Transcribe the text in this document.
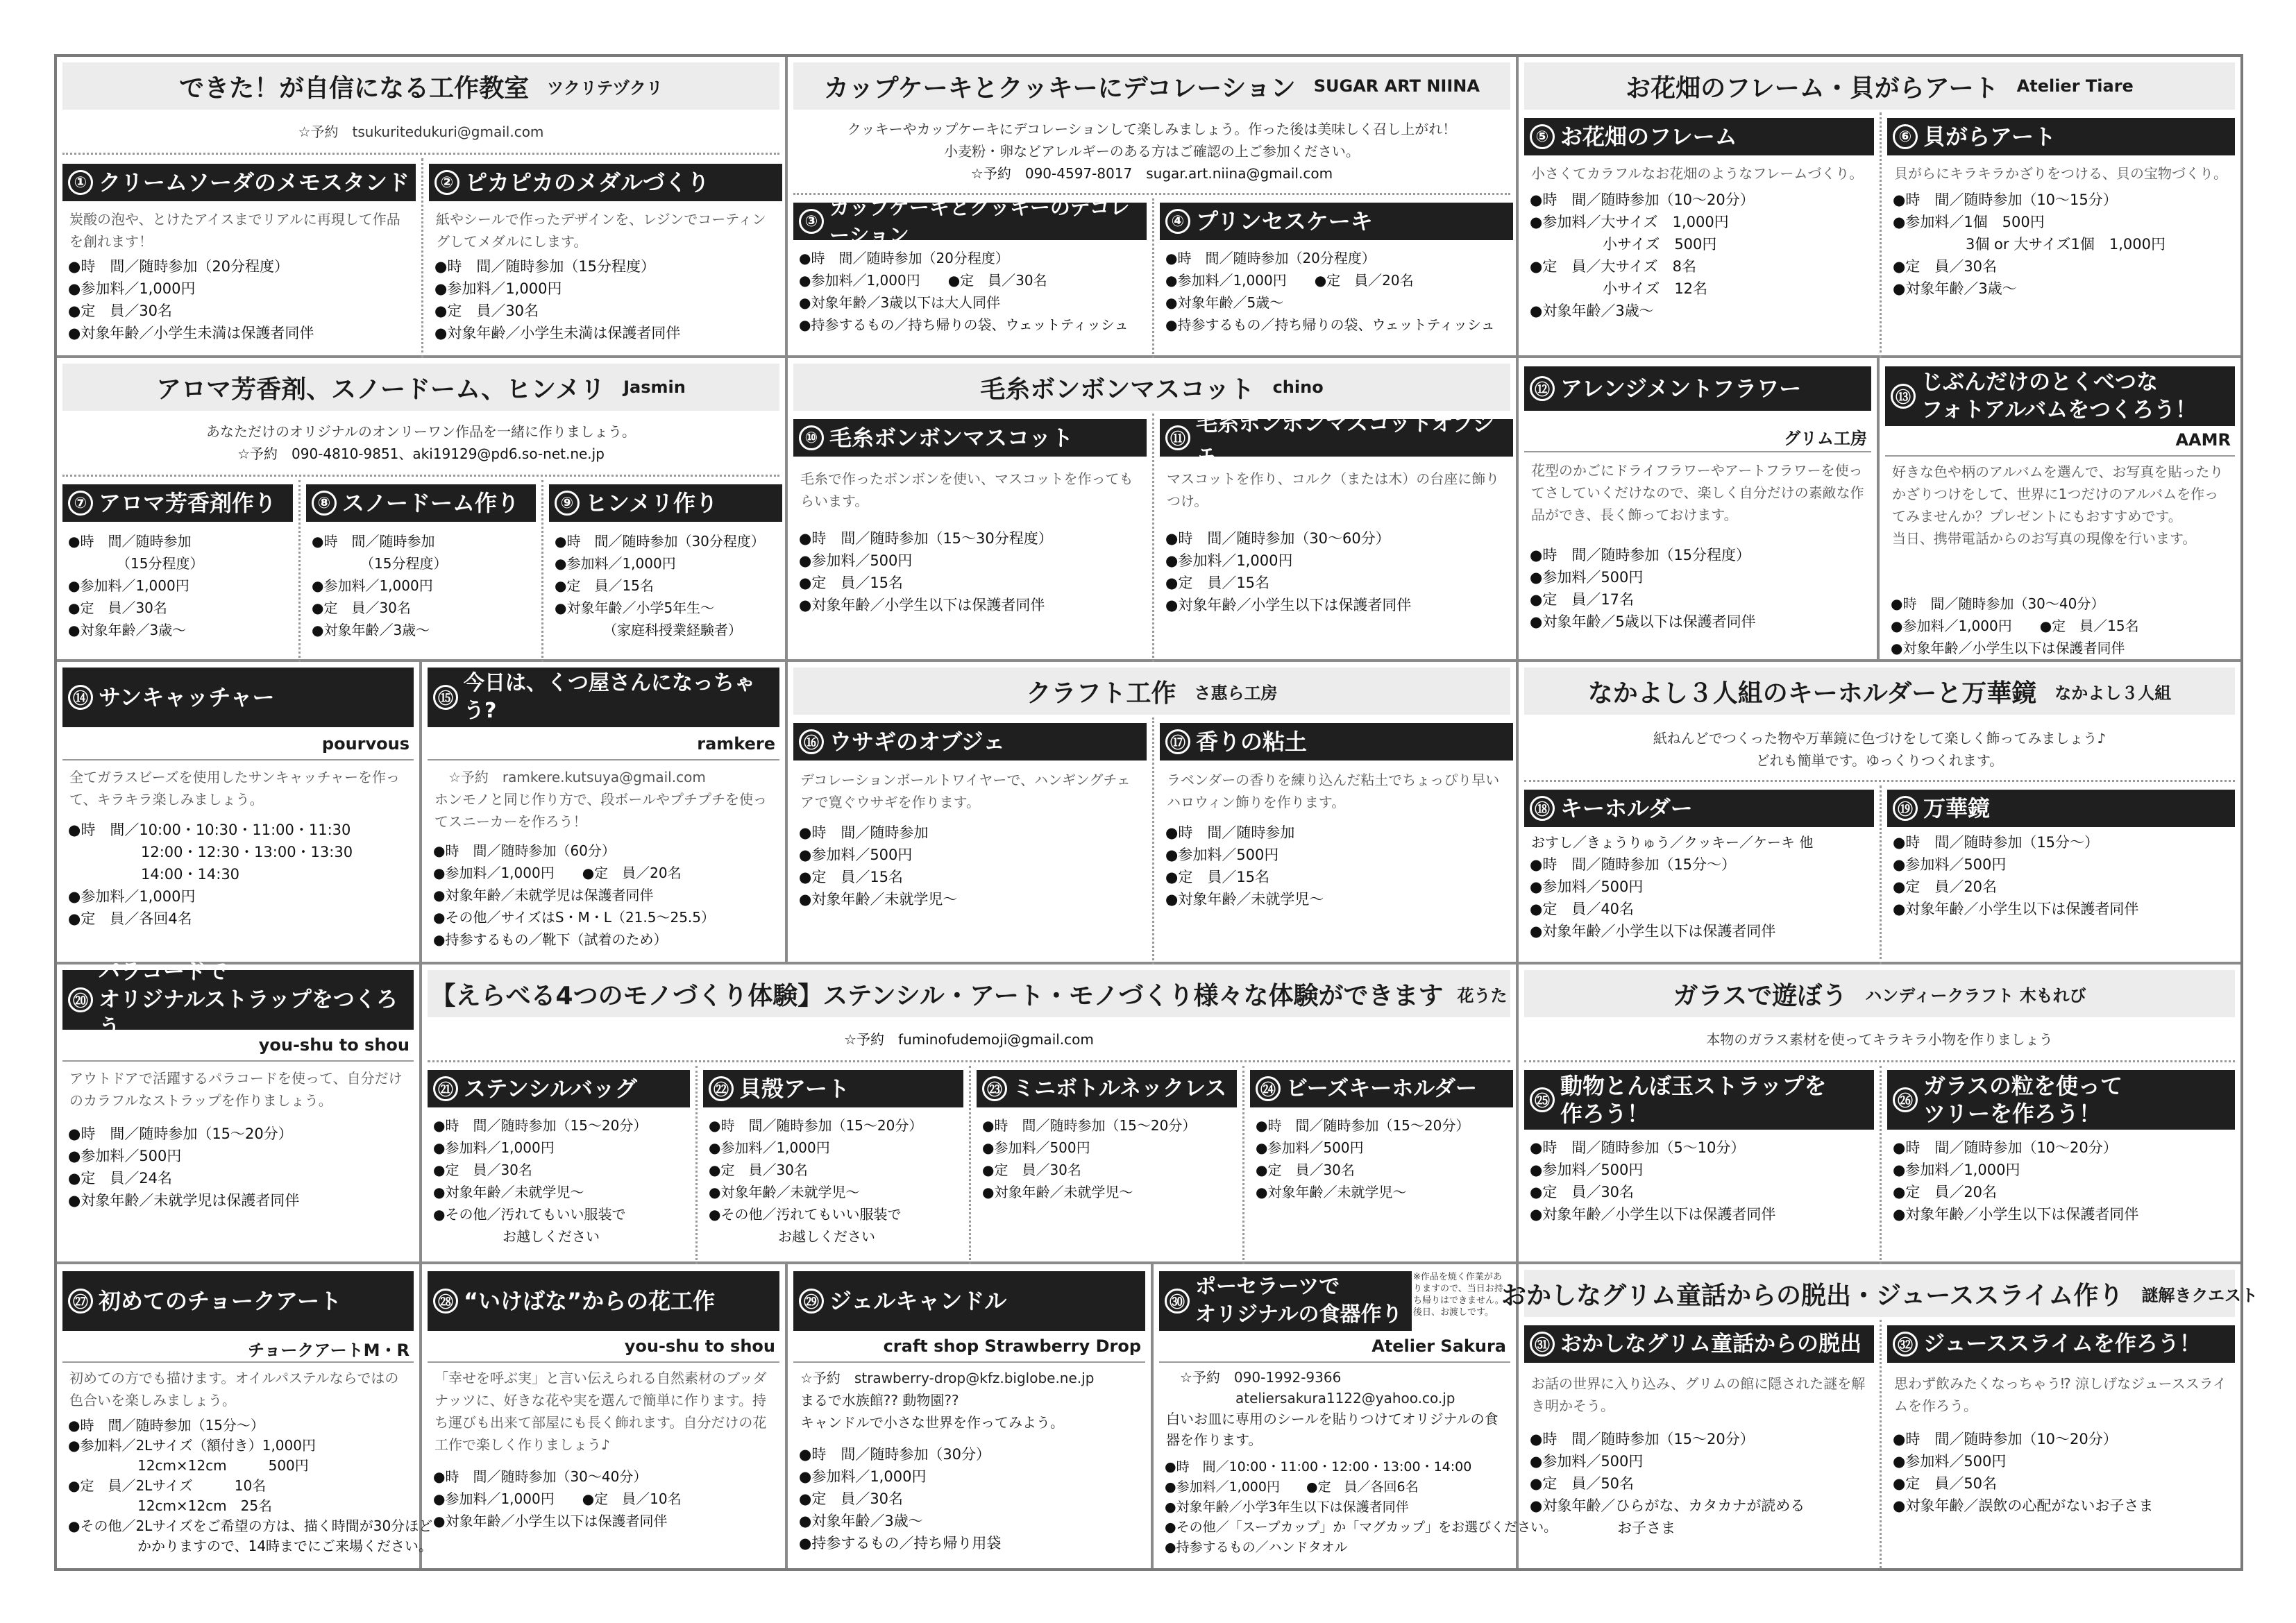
できた！が自信になる工作教室 ツクリテヅクリ
☆予約　tsukuritedukuri@gmail.com
① クリームソーダのメモスタンド
炭酸の泡や、とけたアイスまでリアルに再現して作品を創れます！
●時　間／随時参加（20分程度）
●参加料／1,000円
●定　員／30名
●対象年齢／小学生未満は保護者同伴
② ピカピカのメダルづくり
紙やシールで作ったデザインを、レジンでコーティングしてメダルにします。
●時　間／随時参加（15分程度）
●参加料／1,000円
●定　員／30名
●対象年齢／小学生未満は保護者同伴
カップケーキとクッキーにデコレーション SUGAR ART NIINA
クッキーやカップケーキにデコレーションして楽しみましょう。作った後は美味しく召し上がれ！
小麦粉・卵などアレルギーのある方はご確認の上ご参加ください。
☆予約　090-4597-8017　sugar.art.niina@gmail.com
③
カップケーキとクッキーのデコレーション
●時　間／随時参加（20分程度）
●参加料／1,000円　　●定　員／30名
●対象年齢／3歳以下は大人同伴
●持参するもの／持ち帰りの袋、ウェットティッシュ
④ プリンセスケーキ
●時　間／随時参加（20分程度）
●参加料／1,000円　　●定　員／20名
●対象年齢／5歳〜
●持参するもの／持ち帰りの袋、ウェットティッシュ
お花畑のフレーム・貝がらアート Atelier Tiare
⑤ お花畑のフレーム
小さくてカラフルなお花畑のようなフレームづくり。
●時　間／随時参加（10〜20分）
●参加料／大サイズ　1,000円
　　　　　小サイズ　500円
●定　員／大サイズ　8名
　　　　　小サイズ　12名
●対象年齢／3歳〜
⑥ 貝がらアート
貝がらにキラキラかざりをつける、貝の宝物づくり。
●時　間／随時参加（10〜15分）
●参加料／1個　500円
　　　　　3個 or 大サイズ1個　1,000円
●定　員／30名
●対象年齢／3歳〜
アロマ芳香剤、スノードーム、ヒンメリ Jasmin
あなただけのオリジナルのオンリーワン作品を一緒に作りましょう。
☆予約　090-4810-9851、aki19129@pd6.so-net.ne.jp
⑦ アロマ芳香剤作り
●時　間／随時参加
　　　　（15分程度）
●参加料／1,000円
●定　員／30名
●対象年齢／3歳〜
⑧ スノードーム作り
●時　間／随時参加
　　　　（15分程度）
●参加料／1,000円
●定　員／30名
●対象年齢／3歳〜
⑨ ヒンメリ作り
●時　間／随時参加（30分程度）
●参加料／1,000円
●定　員／15名
●対象年齢／小学5年生〜
　　　　（家庭科授業経験者）
毛糸ボンボンマスコット chino
⑩ 毛糸ボンボンマスコット
毛糸で作ったボンボンを使い、マスコットを作ってもらいます。
●時　間／随時参加（15〜30分程度）
●参加料／500円
●定　員／15名
●対象年齢／小学生以下は保護者同伴
⑪
毛糸ボンボンマスコットオブジェ
マスコットを作り、コルク（または木）の台座に飾りつけ。
●時　間／随時参加（30〜60分）
●参加料／1,000円
●定　員／15名
●対象年齢／小学生以下は保護者同伴
⑫ アレンジメントフラワー
グリム工房
花型のかごにドライフラワーやアートフラワーを使ってさしていくだけなので、楽しく自分だけの素敵な作品ができ、長く飾っておけます。
●時　間／随時参加（15分程度）
●参加料／500円
●定　員／17名
●対象年齢／5歳以下は保護者同伴
⑬
じぶんだけのとくべつな
フォトアルバムをつくろう！
AAMR
好きな色や柄のアルバムを選んで、お写真を貼ったりかざりつけをして、世界に1つだけのアルバムを作ってみませんか？プレゼントにもおすすめです。
当日、携帯電話からのお写真の現像を行います。
●時　間／随時参加（30〜40分）
●参加料／1,000円　　●定　員／15名
●対象年齢／小学生以下は保護者同伴
⑭ サンキャッチャー
pourvous
全てガラスビーズを使用したサンキャッチャーを作って、キラキラ楽しみましょう。
●時　間／10:00・10:30・11:00・11:30
　　　　　12:00・12:30・13:00・13:30
　　　　　14:00・14:30
●参加料／1,000円
●定　員／各回4名
⑮
今日は、くつ屋さんになっちゃう?
ramkere
　☆予約　ramkere.kutsuya@gmail.com
ホンモノと同じ作り方で、段ボールやプチプチを使ってスニーカーを作ろう！
●時　間／随時参加（60分）
●参加料／1,000円　　●定　員／20名
●対象年齢／未就学児は保護者同伴
●その他／サイズはS・M・L（21.5〜25.5）
●持参するもの／靴下（試着のため）
クラフト工作 さ惠ら工房
⑯ ウサギのオブジェ
デコレーションボールトワイヤーで、ハンギングチェアで寛ぐウサギを作ります。
●時　間／随時参加
●参加料／500円
●定　員／15名
●対象年齢／未就学児〜
⑰ 香りの粘土
ラベンダーの香りを練り込んだ粘土でちょっぴり早いハロウィン飾りを作ります。
●時　間／随時参加
●参加料／500円
●定　員／15名
●対象年齢／未就学児〜
なかよし３人組のキーホルダーと万華鏡 なかよし３人組
紙ねんどでつくった物や万華鏡に色づけをして楽しく飾ってみましょう♪
どれも簡単です。ゆっくりつくれます。
⑱ キーホルダー
おすし／きょうりゅう／クッキー／ケーキ 他
●時　間／随時参加（15分〜）
●参加料／500円
●定　員／40名
●対象年齢／小学生以下は保護者同伴
⑲ 万華鏡
●時　間／随時参加（15分〜）
●参加料／500円
●定　員／20名
●対象年齢／小学生以下は保護者同伴
⑳
パラコードで
オリジナルストラップをつくろう
you-shu to shou
アウトドアで活躍するパラコードを使って、自分だけのカラフルなストラップを作りましょう。
●時　間／随時参加（15〜20分）
●参加料／500円
●定　員／24名
●対象年齢／未就学児は保護者同伴
【えらべる4つのモノづくり体験】ステンシル・アート・モノづくり様々な体験ができます 花うた
☆予約　fuminofudemoji@gmail.com
㉑ ステンシルバッグ
●時　間／随時参加（15〜20分）
●参加料／1,000円
●定　員／30名
●対象年齢／未就学児〜
●その他／汚れてもいい服装で
　　　　　お越しください
㉒ 貝殻アート
●時　間／随時参加（15〜20分）
●参加料／1,000円
●定　員／30名
●対象年齢／未就学児〜
●その他／汚れてもいい服装で
　　　　　お越しください
㉓ ミニボトルネックレス
●時　間／随時参加（15〜20分）
●参加料／500円
●定　員／30名
●対象年齢／未就学児〜
㉔ ビーズキーホルダー
●時　間／随時参加（15〜20分）
●参加料／500円
●定　員／30名
●対象年齢／未就学児〜
ガラスで遊ぼう ハンディークラフト 木もれび
本物のガラス素材を使ってキラキラ小物を作りましょう
㉕
動物とんぼ玉ストラップを
作ろう！
●時　間／随時参加（5〜10分）
●参加料／500円
●定　員／30名
●対象年齢／小学生以下は保護者同伴
㉖
ガラスの粒を使って
ツリーを作ろう！
●時　間／随時参加（10〜20分）
●参加料／1,000円
●定　員／20名
●対象年齢／小学生以下は保護者同伴
㉗ 初めてのチョークアート
チョークアートM・R
初めての方でも描けます。オイルパステルならではの色合いを楽しみましょう。
●時　間／随時参加（15分〜）
●参加料／2Lサイズ（額付き）1,000円
　　　　　12cm×12cm　　　500円
●定　員／2Lサイズ　　　10名
　　　　　12cm×12cm　25名
●その他／2Lサイズをご希望の方は、描く時間が30分ほど
　　　　　かかりますので、14時までにご来場ください。
㉘ “いけばな”からの花工作
you-shu to shou
「幸せを呼ぶ実」と言い伝えられる自然素材のブッダナッツに、好きな花や実を選んで簡単に作ります。持ち運びも出来て部屋にも長く飾れます。自分だけの花工作で楽しく作りましょう♪
●時　間／随時参加（30〜40分）
●参加料／1,000円　　●定　員／10名
●対象年齢／小学生以下は保護者同伴
㉙ ジェルキャンドル
craft shop Strawberry Drop
☆予約　strawberry-drop@kfz.biglobe.ne.jp
まるで水族館?? 動物園??
キャンドルで小さな世界を作ってみよう。
●時　間／随時参加（30分）
●参加料／1,000円
●定　員／30名
●対象年齢／3歳〜
●持参するもの／持ち帰り用袋
㉚
ポーセラーツで
オリジナルの食器作り
※作品を焼く作業がありますので、当日お持ち帰りはできません。後日、お渡しです。
Atelier Sakura
　☆予約　090-1992-9366
　　　　　ateliersakura1122@yahoo.co.jp
白いお皿に専用のシールを貼りつけてオリジナルの食器を作ります。
●時　間／10:00・11:00・12:00・13:00・14:00
●参加料／1,000円　　●定　員／各回6名
●対象年齢／小学3年生以下は保護者同伴
●その他／「スープカップ」か「マグカップ」をお選びください。
●持参するもの／ハンドタオル
おかしなグリム童話からの脱出・ジューススライム作り 謎解きクエスト
㉛ おかしなグリム童話からの脱出
お話の世界に入り込み、グリムの館に隠された謎を解き明かそう。
●時　間／随時参加（15〜20分）
●参加料／500円
●定　員／50名
●対象年齢／ひらがな、カタカナが読める
　　　　　　お子さま
㉜ ジューススライムを作ろう！
思わず飲みたくなっちゃう⁉ 涼しげなジューススライムを作ろう。
●時　間／随時参加（10〜20分）
●参加料／500円
●定　員／50名
●対象年齢／誤飲の心配がないお子さま
